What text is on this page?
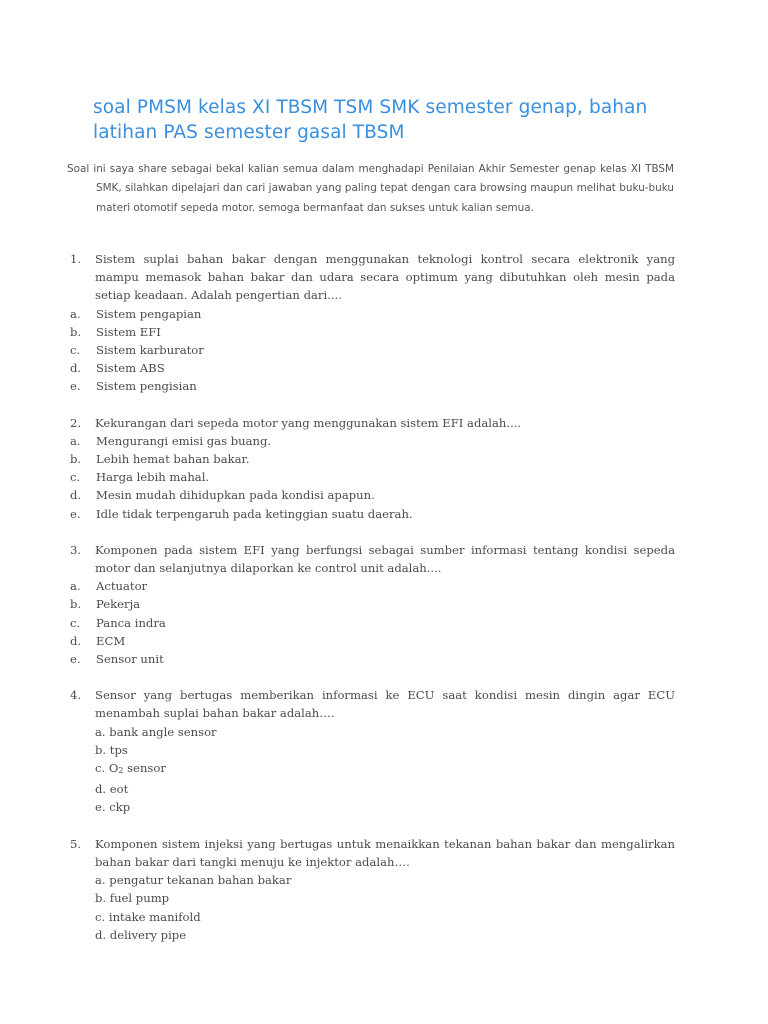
soal PMSM kelas XI TBSM TSM SMK semester genap, bahan latihan PAS semester gasal TBSM

Soal ini saya share sebagai bekal kalian semua dalam menghadapi Penilaian Akhir Semester genap kelas XI TBSM SMK, silahkan dipelajari dan cari jawaban yang paling tepat dengan cara browsing maupun melihat buku-buku materi otomotif sepeda motor. semoga bermanfaat dan sukses untuk kalian semua.

1.	Sistem suplai bahan bakar dengan menggunakan teknologi kontrol secara elektronik yang mampu memasok bahan bakar dan udara secara optimum yang dibutuhkan oleh mesin pada setiap keadaan. Adalah pengertian dari....
a.	Sistem pengapian
b.	Sistem EFI
c.	Sistem karburator
d.	Sistem ABS
e.	Sistem pengisian
2.	Kekurangan dari sepeda motor yang menggunakan sistem EFI adalah....
a.	Mengurangi emisi gas buang.
b.	Lebih hemat bahan bakar.
c.	Harga lebih mahal.
d.	Mesin mudah dihidupkan pada kondisi apapun.
e.	Idle tidak terpengaruh pada ketinggian suatu daerah.
3.	Komponen pada sistem EFI yang berfungsi sebagai sumber informasi tentang kondisi sepeda motor dan selanjutnya dilaporkan ke control unit adalah....
a.	Actuator
b.	Pekerja
c.	Panca indra
d.	ECM
e.	Sensor unit
4.	Sensor yang bertugas memberikan informasi ke ECU saat kondisi mesin dingin agar ECU menambah suplai bahan bakar adalah….
a. bank angle sensor
b. tps
c. $O_2$ sensor
d. eot
e. ckp
5.	Komponen sistem injeksi yang bertugas untuk menaikkan tekanan bahan bakar dan mengalirkan bahan bakar dari tangki menuju ke injektor adalah….
a. pengatur tekanan bahan bakar
b. fuel pump
c. intake manifold
d. delivery pipe
